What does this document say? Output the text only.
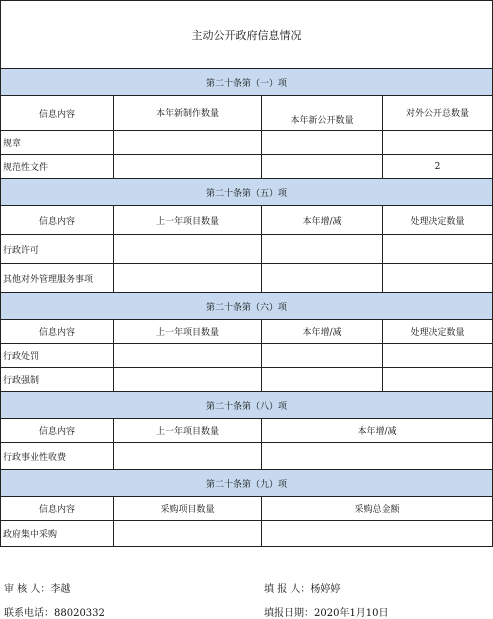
主动公开政府信息情况			
第二十条第（一）项			
信息内容	本年新制作数量	本年新公开数量	对外公开总数量
规章			
规范性文件			2
第二十条第（五）项			
信息内容	上一年项目数量	本年增/减	处理决定数量
行政许可			
其他对外管理服务事项			
第二十条第（六）项			
信息内容	上一年项目数量	本年增/减	处理决定数量
行政处罚			
行政强制			
第二十条第（八）项			
信息内容	上一年项目数量	本年增/减	
行政事业性收费			
第二十条第（九）项			
信息内容	采购项目数量	采购总金额	
政府集中采购			
审 核 人：李越	填 报 人：杨婷婷
联系电话：88020332	填报日期：2020年1月10日
